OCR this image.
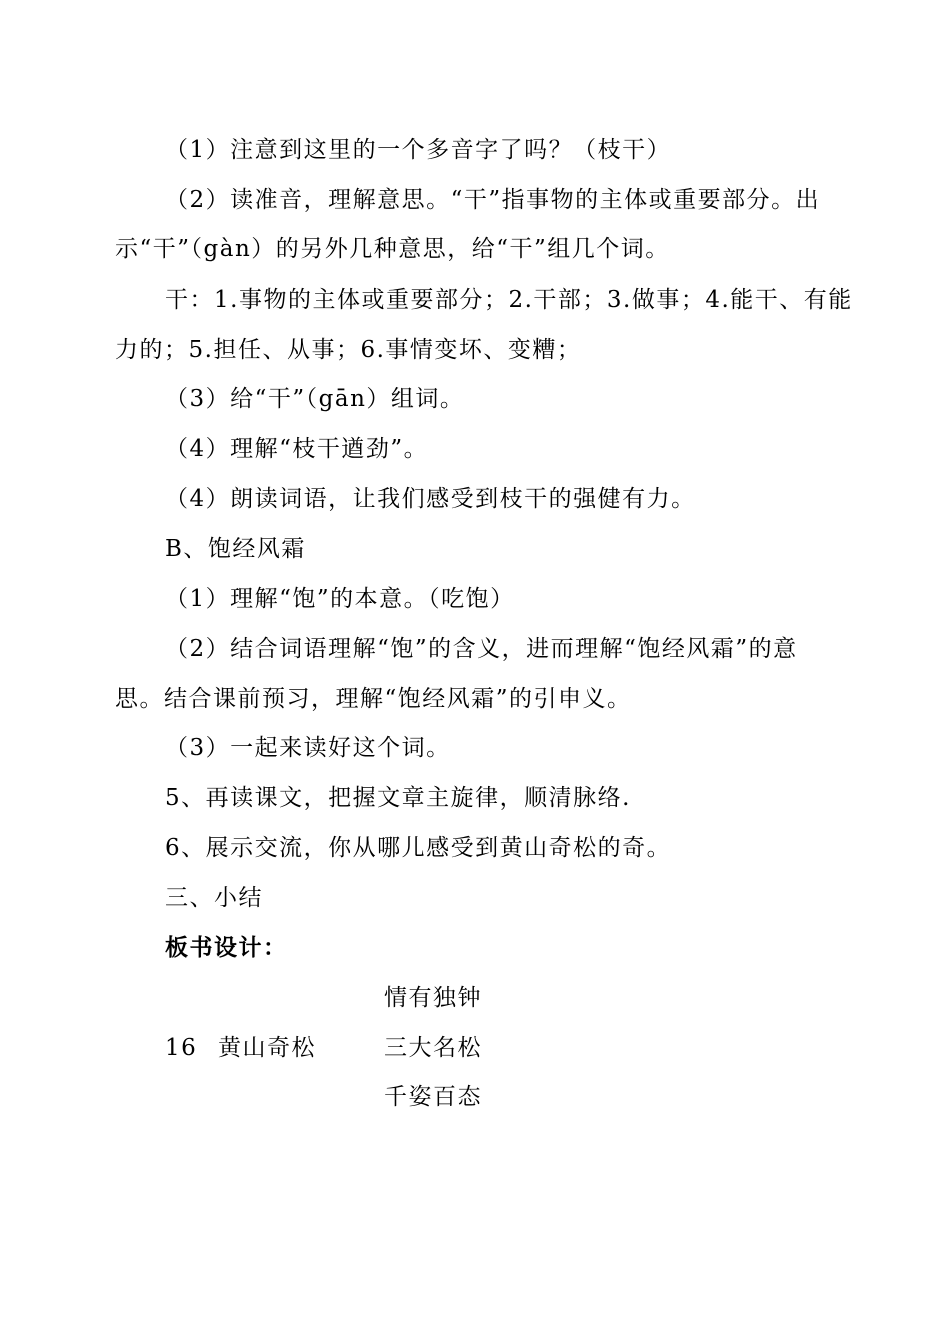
（1）注意到这里的一个多音字了吗？（枝干）
（2）读准音，理解意思。“干”指事物的主体或重要部分。出
示“干”（gàn）的另外几种意思，给“干”组几个词。
干：1.事物的主体或重要部分；2.干部；3.做事；4.能干、有能
力的；5.担任、从事；6.事情变坏、变糟；
（3）给“干”（gān）组词。
（4）理解“枝干遒劲”。
（4）朗读词语，让我们感受到枝干的强健有力。
B、饱经风霜
（1）理解“饱”的本意。（吃饱）
（2）结合词语理解“饱”的含义，进而理解“饱经风霜”的意
思。结合课前预习，理解“饱经风霜”的引申义。
（3）一起来读好这个词。
5、再读课文，把握文章主旋律，顺清脉络.
6、展示交流，你从哪儿感受到黄山奇松的奇。
三、小结
板书设计：
情有独钟
16 黄山奇松	三大名松
千姿百态
